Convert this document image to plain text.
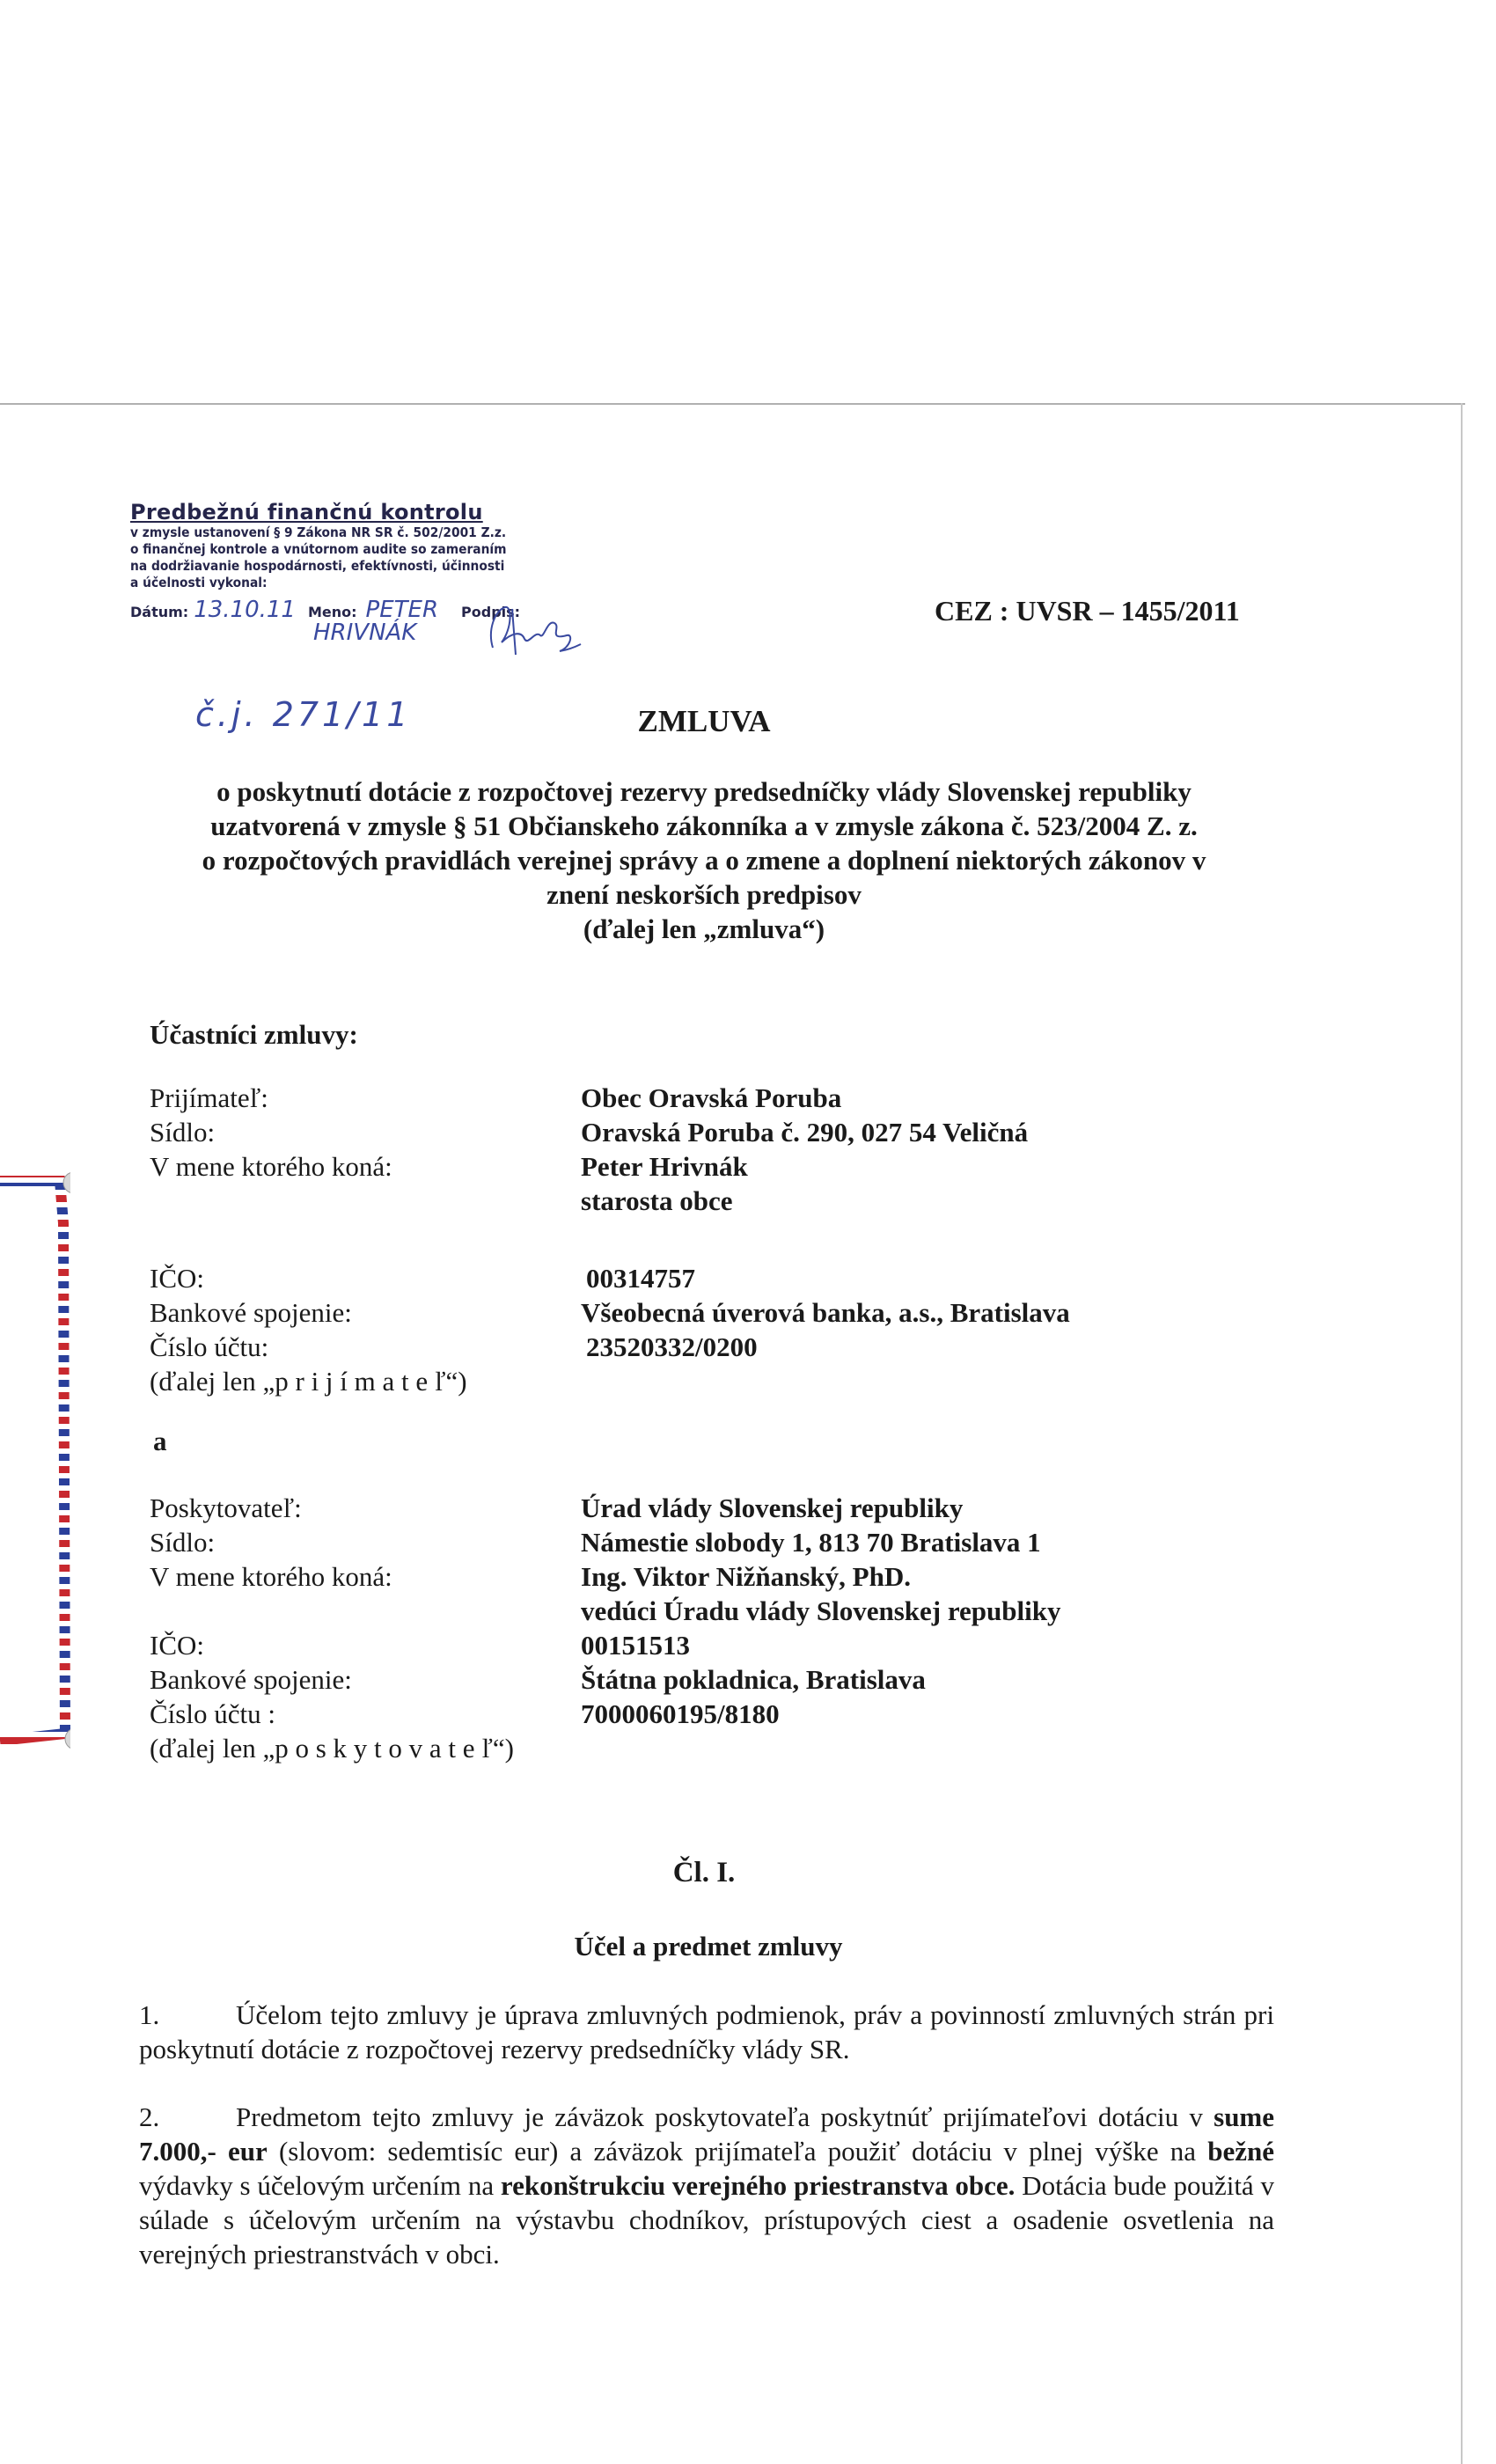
Predbežnú finančnú kontrolu
v zmysle ustanovení § 9 Zákona NR SR č. 502/2001 Z.z.
o finančnej kontrole a vnútornom audite so zameraním
na dodržiavanie hospodárnosti, efektívnosti, účinnosti
a účelnosti vykonal:
Dátum: 13.10.11 Meno: PETER Podpis:
HRIVNÁK
č.j. 271/11
CEZ : UVSR – 1455/2011
ZMLUVA
o poskytnutí dotácie z rozpočtovej rezervy predsedníčky vlády Slovenskej republiky
uzatvorená v zmysle § 51 Občianskeho zákonníka a v zmysle zákona č. 523/2004 Z. z.
o rozpočtových pravidlách verejnej správy a o zmene a doplnení niektorých zákonov v
znení neskorších predpisov
(ďalej len „zmluva“)
Účastníci zmluvy:
Prijímateľ:	Obec Oravská Poruba
Sídlo:	Oravská Poruba č. 290, 027 54 Veličná
V mene ktorého koná:	Peter Hrivnák
starosta obce
IČO:	00314757
Bankové spojenie:	Všeobecná úverová banka, a.s., Bratislava
Číslo účtu:	23520332/0200
(ďalej len „p r i j í m a t e ľ“)
a
Poskytovateľ:	Úrad vlády Slovenskej republiky
Sídlo:	Námestie slobody 1, 813 70 Bratislava 1
V mene ktorého koná:	Ing. Viktor Nižňanský, PhD.
vedúci Úradu vlády Slovenskej republiky
IČO:	00151513
Bankové spojenie:	Štátna pokladnica, Bratislava
Číslo účtu :	7000060195/8180
(ďalej len „p o s k y t o v a t e ľ“)
Čl. I.
Účel a predmet zmluvy
1.	Účelom tejto zmluvy je úprava zmluvných podmienok, práv a povinností zmluvných strán pri poskytnutí dotácie z rozpočtovej rezervy predsedníčky vlády SR.
2.	Predmetom tejto zmluvy je záväzok poskytovateľa poskytnúť prijímateľovi dotáciu v sume 7.000,- eur (slovom: sedemtisíc eur) a záväzok prijímateľa použiť dotáciu v plnej výške na bežné výdavky s účelovým určením na rekonštrukciu verejného priestranstva obce. Dotácia bude použitá v súlade s účelovým určením na výstavbu chodníkov, prístupových ciest a osadenie osvetlenia na verejných priestranstvách v obci.
